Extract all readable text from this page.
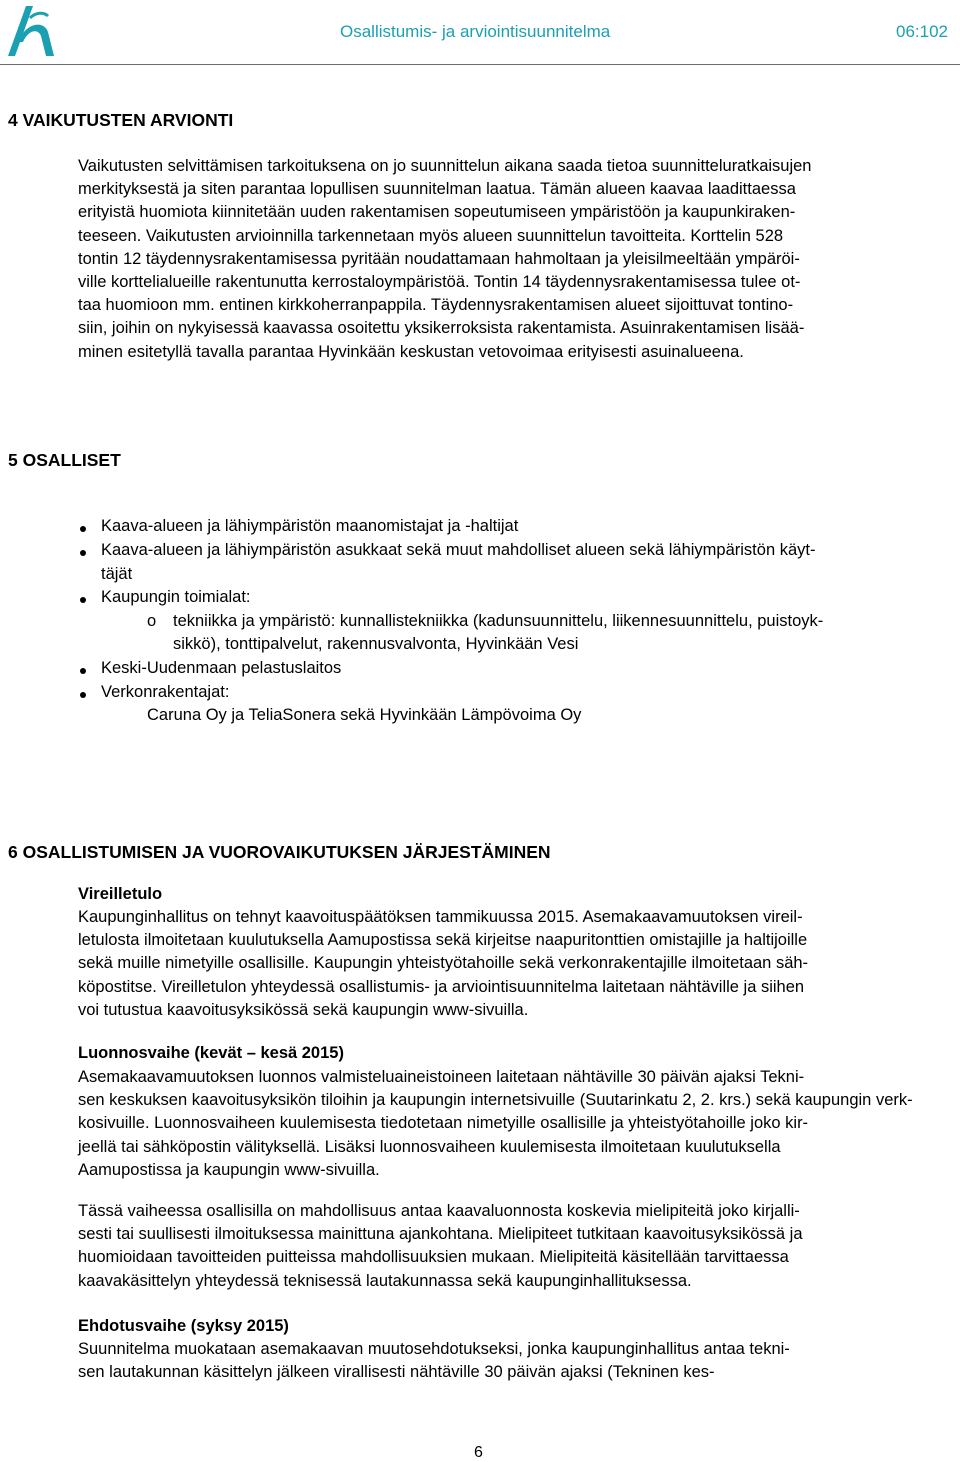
Osallistumis- ja arviointisuunnitelma	06:102
4 VAIKUTUSTEN ARVIONTI
Vaikutusten selvittämisen tarkoituksena on jo suunnittelun aikana saada tietoa suunnitteluratkaisujen
merkityksestä ja siten parantaa lopullisen suunnitelman laatua. Tämän alueen kaavaa laadittaessa
erityistä huomiota kiinnitetään uuden rakentamisen sopeutumiseen ympäristöön ja kaupunkiraken-
teeseen. Vaikutusten arvioinnilla tarkennetaan myös alueen suunnittelun tavoitteita. Korttelin 528
tontin 12 täydennysrakentamisessa pyritään noudattamaan hahmoltaan ja yleisilmeeltään ympäröi-
ville korttelialueille rakentunutta kerrostaloympäristöä. Tontin 14 täydennysrakentamisessa tulee ot-
taa huomioon mm. entinen kirkkoherranpappila. Täydennysrakentamisen alueet sijoittuvat tontino-
siin, joihin on nykyisessä kaavassa osoitettu yksikerroksista rakentamista. Asuinrakentamisen lisää-
minen esitetyllä tavalla parantaa Hyvinkään keskustan vetovoimaa erityisesti asuinalueena.
5 OSALLISET
Kaava-alueen ja lähiympäristön maanomistajat ja -haltijat
Kaava-alueen ja lähiympäristön asukkaat sekä muut mahdolliset alueen sekä lähiympäristön käyt-
täjät
Kaupungin toimialat:
o tekniikka ja ympäristö: kunnallistekniikka (kadunsuunnittelu, liikennesuunnittelu, puistoyk-
sikkö), tonttipalvelut, rakennusvalvonta, Hyvinkään Vesi
Keski-Uudenmaan pelastuslaitos
Verkonrakentajat:
Caruna Oy ja TeliaSonera sekä Hyvinkään Lämpövoima Oy
6 OSALLISTUMISEN JA VUOROVAIKUTUKSEN JÄRJESTÄMINEN
Vireilletulo
Kaupunginhallitus on tehnyt kaavoituspäätöksen tammikuussa 2015. Asemakaavamuutoksen vireil-
letulosta ilmoitetaan kuulutuksella Aamupostissa sekä kirjeitse naapuritonttien omistajille ja haltijoille
sekä muille nimetyille osallisille. Kaupungin yhteistyötahoille sekä verkonrakentajille ilmoitetaan säh-
köpostitse. Vireilletulon yhteydessä osallistumis- ja arviointisuunnitelma laitetaan nähtäville ja siihen
voi tutustua kaavoitusyksikössä sekä kaupungin www-sivuilla.
Luonnosvaihe (kevät – kesä 2015)
Asemakaavamuutoksen luonnos valmisteluaineistoineen laitetaan nähtäville 30 päivän ajaksi Tekni-
sen keskuksen kaavoitusyksikön tiloihin ja kaupungin internetsivuille (Suutarinkatu 2, 2. krs.) sekä kaupungin verk-
kosivuille. Luonnosvaiheen kuulemisesta tiedotetaan nimetyille osallisille ja yhteistyötahoille joko kir-
jeellä tai sähköpostin välityksellä. Lisäksi luonnosvaiheen kuulemisesta ilmoitetaan kuulutuksella
Aamupostissa ja kaupungin www-sivuilla.
Tässä vaiheessa osallisilla on mahdollisuus antaa kaavaluonnosta koskevia mielipiteitä joko kirjalli-
sesti tai suullisesti ilmoituksessa mainittuna ajankohtana. Mielipiteet tutkitaan kaavoitusyksikössä ja
huomioidaan tavoitteiden puitteissa mahdollisuuksien mukaan. Mielipiteitä käsitellään tarvittaessa
kaavakäsittelyn yhteydessä teknisessä lautakunnassa sekä kaupunginhallituksessa.
Ehdotusvaihe (syksy 2015)
Suunnitelma muokataan asemakaavan muutosehdotukseksi, jonka kaupunginhallitus antaa tekni-
sen lautakunnan käsittelyn jälkeen virallisesti nähtäville 30 päivän ajaksi (Tekninen kes-
6
